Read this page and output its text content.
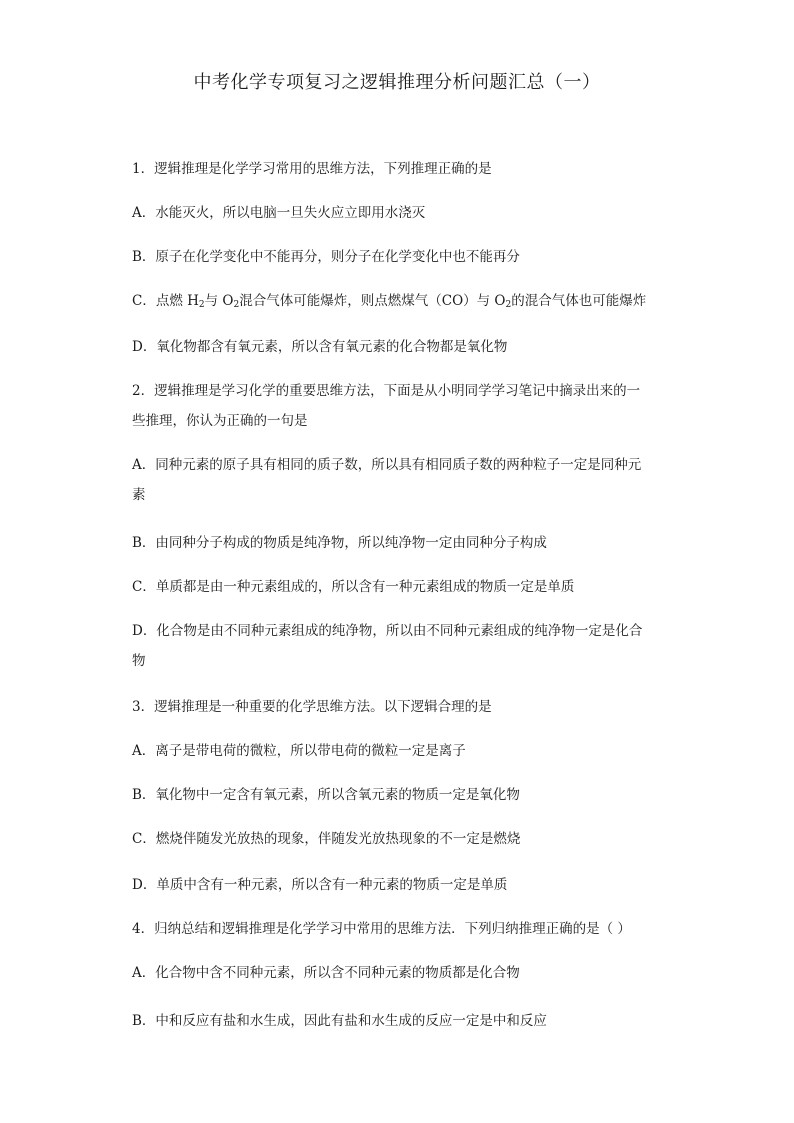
中考化学专项复习之逻辑推理分析问题汇总（一）
1．逻辑推理是化学学习常用的思维方法，下列推理正确的是
A．水能灭火，所以电脑一旦失火应立即用水浇灭
B．原子在化学变化中不能再分，则分子在化学变化中也不能再分
C．点燃 $H_2$与 $O_2$混合气体可能爆炸，则点燃煤气（CO）与 $O_2$的混合气体也可能爆炸
D．氧化物都含有氧元素，所以含有氧元素的化合物都是氧化物
2．逻辑推理是学习化学的重要思维方法，下面是从小明同学学习笔记中摘录出来的一
些推理，你认为正确的一句是
A．同种元素的原子具有相同的质子数，所以具有相同质子数的两种粒子一定是同种元
素
B．由同种分子构成的物质是纯净物，所以纯净物一定由同种分子构成
C．单质都是由一种元素组成的，所以含有一种元素组成的物质一定是单质
D．化合物是由不同种元素组成的纯净物，所以由不同种元素组成的纯净物一定是化合
物
3．逻辑推理是一种重要的化学思维方法。以下逻辑合理的是
A．离子是带电荷的微粒，所以带电荷的微粒一定是离子
B．氧化物中一定含有氧元素，所以含氧元素的物质一定是氧化物
C．燃烧伴随发光放热的现象，伴随发光放热现象的不一定是燃烧
D．单质中含有一种元素，所以含有一种元素的物质一定是单质
4．归纳总结和逻辑推理是化学学习中常用的思维方法．下列归纳推理正确的是（ ）
A．化合物中含不同种元素，所以含不同种元素的物质都是化合物
B．中和反应有盐和水生成，因此有盐和水生成的反应一定是中和反应
